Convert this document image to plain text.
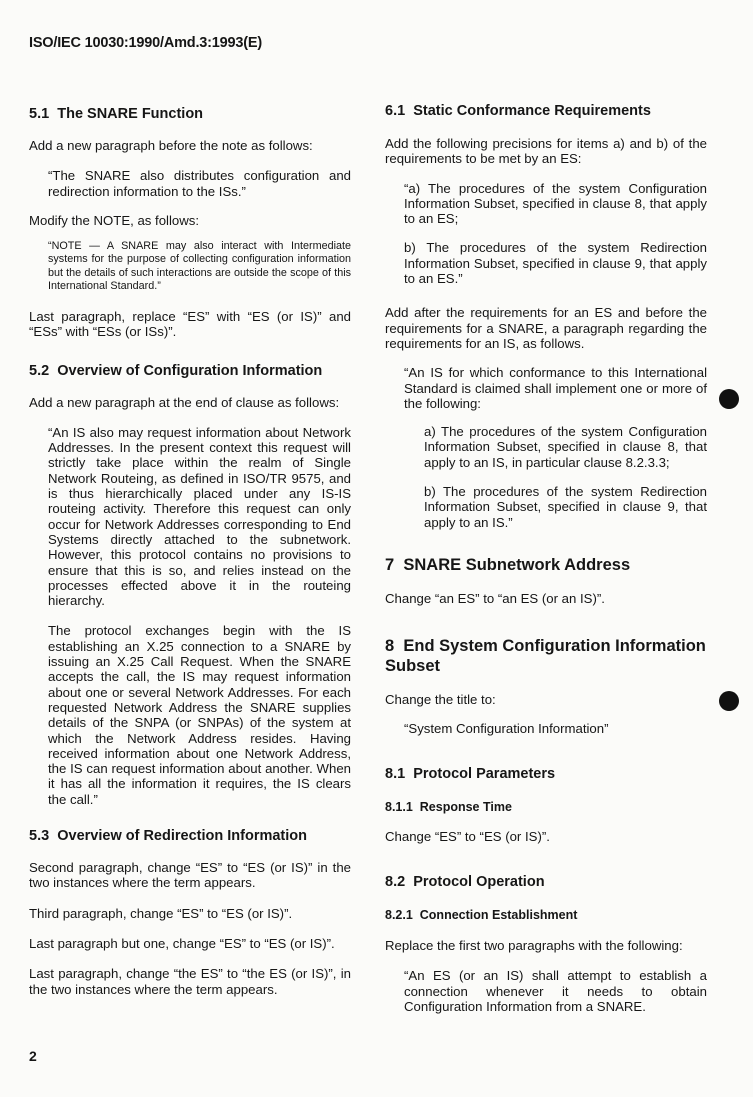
ISO/IEC 10030:1990/Amd.3:1993(E)
5.1 The SNARE Function

Add a new paragraph before the note as follows:

“The SNARE also distributes configuration and redirection information to the ISs.”

Modify the NOTE, as follows:

“NOTE — A SNARE may also interact with Intermediate systems for the purpose of collecting configuration information but the details of such interactions are outside the scope of this International Standard.”

Last paragraph, replace “ES” with “ES (or IS)” and “ESs” with “ESs (or ISs)”.

5.2 Overview of Configuration Information

Add a new paragraph at the end of clause as follows:

“An IS also may request information about Network Addresses. In the present context this request will strictly take place within the realm of Single Network Routeing, as defined in ISO/TR 9575, and is thus hierarchically placed under any IS-IS routeing activity. Therefore this request can only occur for Network Addresses corresponding to End Systems directly attached to the subnetwork. However, this protocol contains no provisions to ensure that this is so, and relies instead on the processes effected above it in the routeing hierarchy.

The protocol exchanges begin with the IS establishing an X.25 connection to a SNARE by issuing an X.25 Call Request. When the SNARE accepts the call, the IS may request information about one or several Network Addresses. For each requested Network Address the SNARE supplies details of the SNPA (or SNPAs) of the system at which the Network Address resides. Having received information about one Network Address, the IS can request information about another. When it has all the information it requires, the IS clears the call.”

5.3 Overview of Redirection Information

Second paragraph, change “ES” to “ES (or IS)” in the two instances where the term appears.

Third paragraph, change “ES” to “ES (or IS)”.

Last paragraph but one, change “ES” to “ES (or IS)”.

Last paragraph, change “the ES” to “the ES (or IS)”, in the two instances where the term appears.

6.1 Static Conformance Requirements

Add the following precisions for items a) and b) of the requirements to be met by an ES:

“a) The procedures of the system Configuration Information Subset, specified in clause 8, that apply to an ES;

b) The procedures of the system Redirection Information Subset, specified in clause 9, that apply to an ES.”

Add after the requirements for an ES and before the requirements for a SNARE, a paragraph regarding the requirements for an IS, as follows.

“An IS for which conformance to this International Standard is claimed shall implement one or more of the following:

a) The procedures of the system Configuration Information Subset, specified in clause 8, that apply to an IS, in particular clause 8.2.3.3;

b) The procedures of the system Redirection Information Subset, specified in clause 9, that apply to an IS.”

7 SNARE Subnetwork Address

Change “an ES” to “an ES (or an IS)”.

8 End System Configuration Information Subset

Change the title to:

“System Configuration Information”

8.1 Protocol Parameters
8.1.1 Response Time

Change “ES” to “ES (or IS)”.

8.2 Protocol Operation
8.2.1 Connection Establishment

Replace the first two paragraphs with the following:

“An ES (or an IS) shall attempt to establish a connection whenever it needs to obtain Configuration Information from a SNARE.

2
